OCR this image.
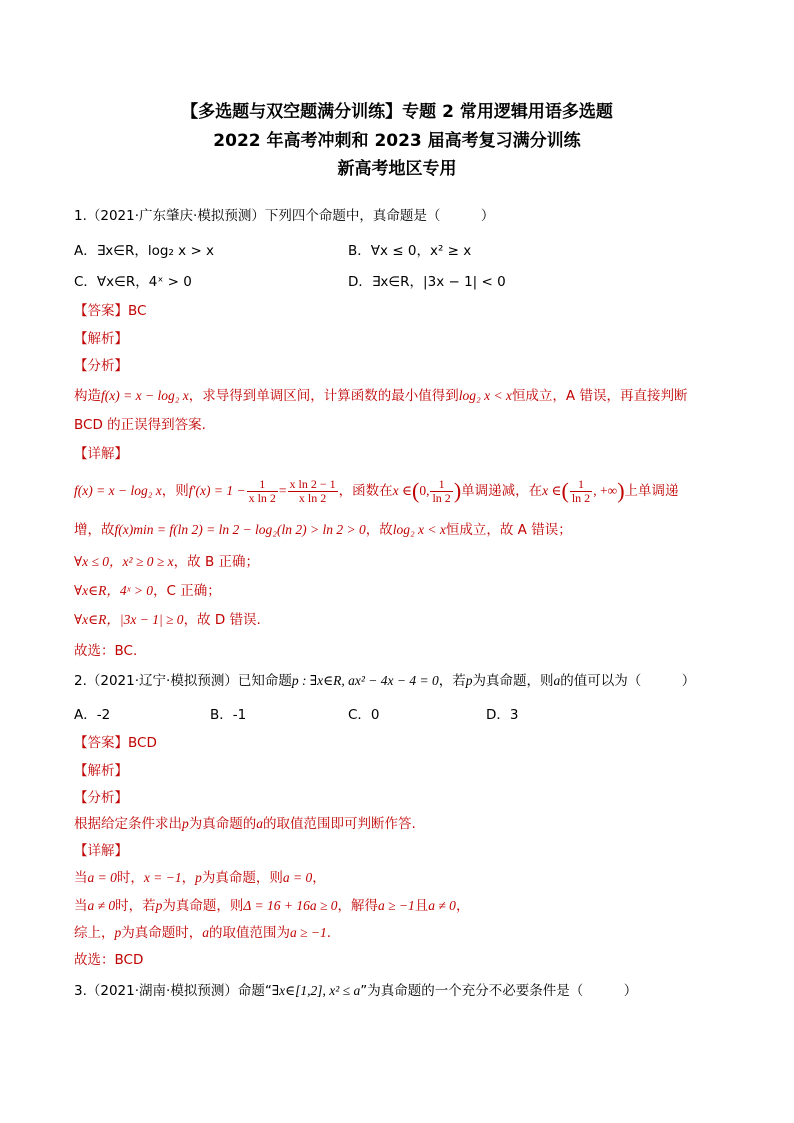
【多选题与双空题满分训练】专题 2 常用逻辑用语多选题
2022 年高考冲刺和 2023 届高考复习满分训练
新高考地区专用
1.（2021·广东肇庆·模拟预测）下列四个命题中，真命题是（　　　）
A．∃x∈R，log₂ x > x	B．∀x ≤ 0，x² ≥ x
C．∀x∈R，4ˣ > 0	D．∃x∈R，|3x − 1| < 0
【答案】BC
【解析】
【分析】
构造f(x) = x − log₂ x，求导得到单调区间，计算函数的最小值得到log₂ x < x恒成立，A 错误，再直接判断
BCD 的正误得到答案.
【详解】
f(x) = x − log₂ x，则$f'(x) = 1 - \frac{1}{\text{x ln 2}} = \frac{\text{x ln 2 − 1}}{\text{x ln 2}}$ ，函数在x ∈(0, $\frac{1}{\ln 2}$ )单调递减，在x ∈( $\frac{1}{\ln 2}$ , +∞)上单调递
增，故f(x)min = f(ln 2) = ln 2 − log₂(ln 2) > ln 2 > 0，故log₂ x < x恒成立，故 A 错误；
∀x ≤ 0，x² ≥ 0 ≥ x，故 B 正确；
∀x∈R，4ˣ > 0，C 正确；
∀x∈R，|3x − 1| ≥ 0，故 D 错误.
故选：BC.
2.（2021·辽宁·模拟预测）已知命题p : ∃x∈R, ax² − 4x − 4 = 0，若p为真命题，则a的值可以为（　　　）
A．-2	B．-1	C．0	D．3
【答案】BCD
【解析】
【分析】
根据给定条件求出p为真命题的a的取值范围即可判断作答.
【详解】
当a = 0时，x = −1，p为真命题，则a = 0，
当a ≠ 0时，若p为真命题，则Δ = 16 + 16a ≥ 0，解得a ≥ −1且a ≠ 0，
综上，p为真命题时，a的取值范围为a ≥ −1.
故选：BCD
3.（2021·湖南·模拟预测）命题“∃x∈[1,2], x² ≤ a”为真命题的一个充分不必要条件是（　　　）
